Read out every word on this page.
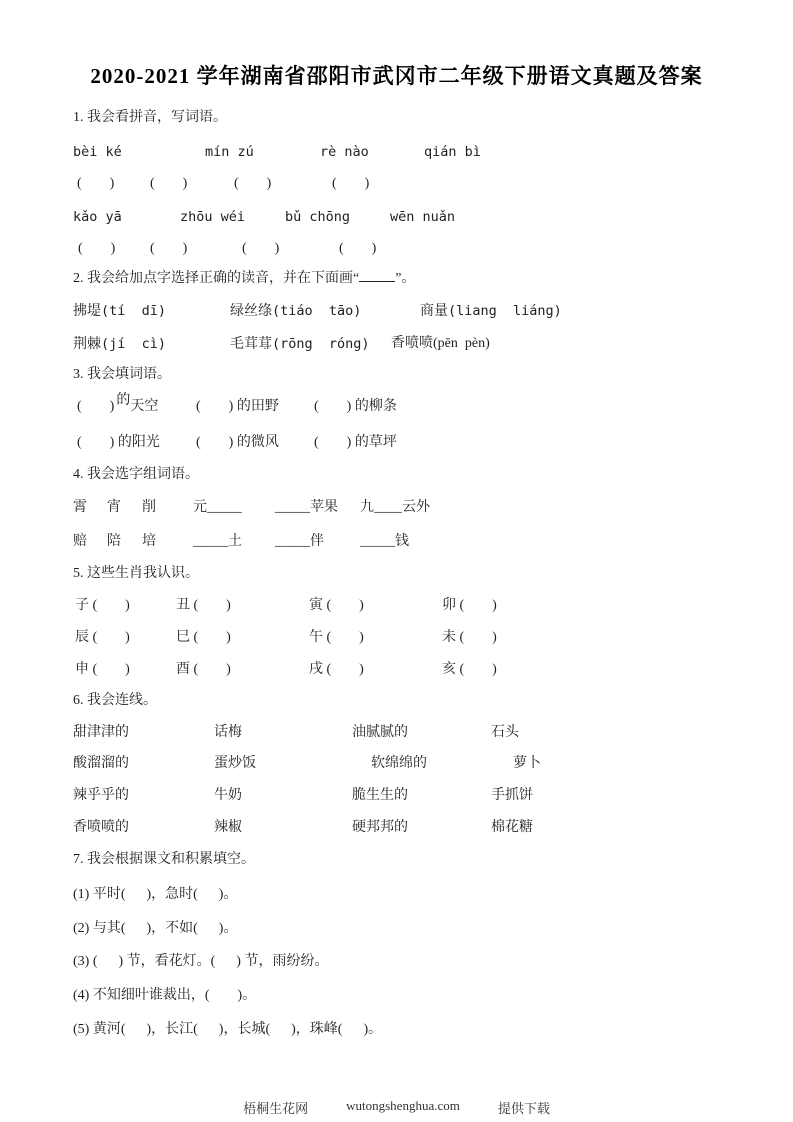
2020-2021 学年湖南省邵阳市武冈市二年级下册语文真题及答案
1. 我会看拼音，写词语。
bèi ké	mín zú	rè nào	qián bì
(        )	(        )	(        )	(        )
kǎo yā	zhōu wéi	bǔ chōng	wēn nuǎn
(        )	(        )	(        )	(        )
2. 我会给加点字选择正确的读音，并在下面画“	”。
拂堤(tí  dī)	绿丝绦(tiáo  tāo)	商量(liang  liáng)
荆棘(jí  cì)	毛茸茸(rōng  róng)	香喷喷(pēn  pèn)
3. 我会填词语。
(        ) 的天空	(        ) 的田野	(        ) 的柳条
(        ) 的阳光	(        ) 的微风	(        ) 的草坪
4. 我会选字组词语。
霄	宵	削	元_____	_____苹果	九____云外
赔	陪	培	_____土	_____伴	_____钱
5. 这些生肖我认识。
子 (        )	丑 (        )	寅 (        )	卯 (        )
辰 (        )	巳 (        )	午 (        )	未 (        )
申 (        )	酉 (        )	戌 (        )	亥 (        )
6. 我会连线。
甜津津的	话梅	油腻腻的	石头
酸溜溜的	蛋炒饭	软绵绵的	萝卜
辣乎乎的	牛奶	脆生生的	手抓饼
香喷喷的	辣椒	硬邦邦的	棉花糖
7. 我会根据课文和积累填空。
(1) 平时(      )，急时(      )。
(2) 与其(      )，不如(      )。
(3) (      ) 节，看花灯。(      ) 节，雨纷纷。
(4) 不知细叶谁裁出，(        )。
(5) 黄河(      )，长江(      )，长城(      )，珠峰(      )。
梧桐生花网	wutongshenghua.com	提供下载
